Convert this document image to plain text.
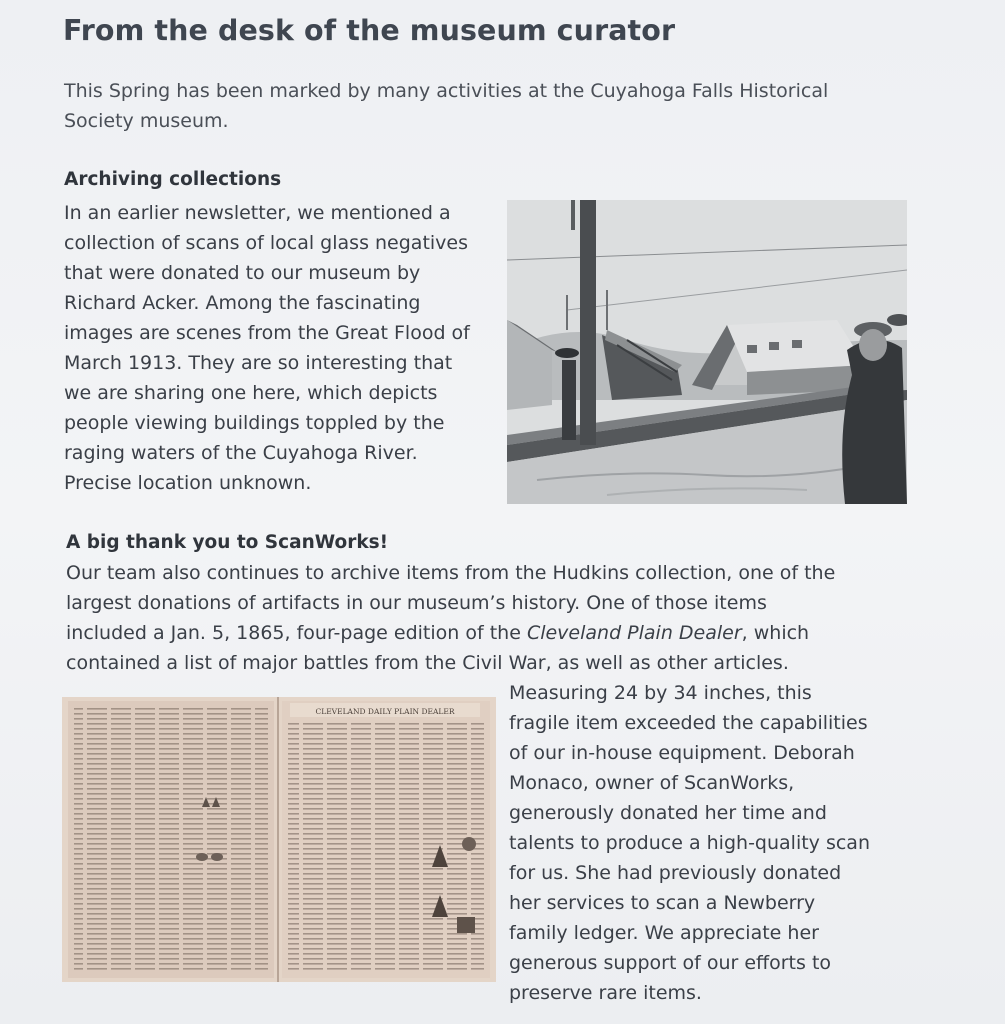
From the desk of the museum curator

This Spring has been marked by many activities at the Cuyahoga Falls Historical
Society museum.

Archiving collections

In an earlier newsletter, we mentioned a
collection of scans of local glass negatives
that were donated to our museum by
Richard Acker. Among the fascinating
images are scenes from the Great Flood of
March 1913. They are so interesting that
we are sharing one here, which depicts
people viewing buildings toppled by the
raging waters of the Cuyahoga River.
Precise location unknown.

A big thank you to ScanWorks!

Our team also continues to archive items from the Hudkins collection, one of the
largest donations of artifacts in our museum’s history. One of those items
included a Jan. 5, 1865, four-page edition of the Cleveland Plain Dealer, which
contained a list of major battles from the Civil War, as well as other articles.

CLEVELAND DAILY PLAIN DEALER

Measuring 24 by 34 inches, this
fragile item exceeded the capabilities
of our in-house equipment. Deborah
Monaco, owner of ScanWorks,
generously donated her time and
talents to produce a high-quality scan
for us. She had previously donated
her services to scan a Newberry
family ledger. We appreciate her
generous support of our efforts to
preserve rare items.
